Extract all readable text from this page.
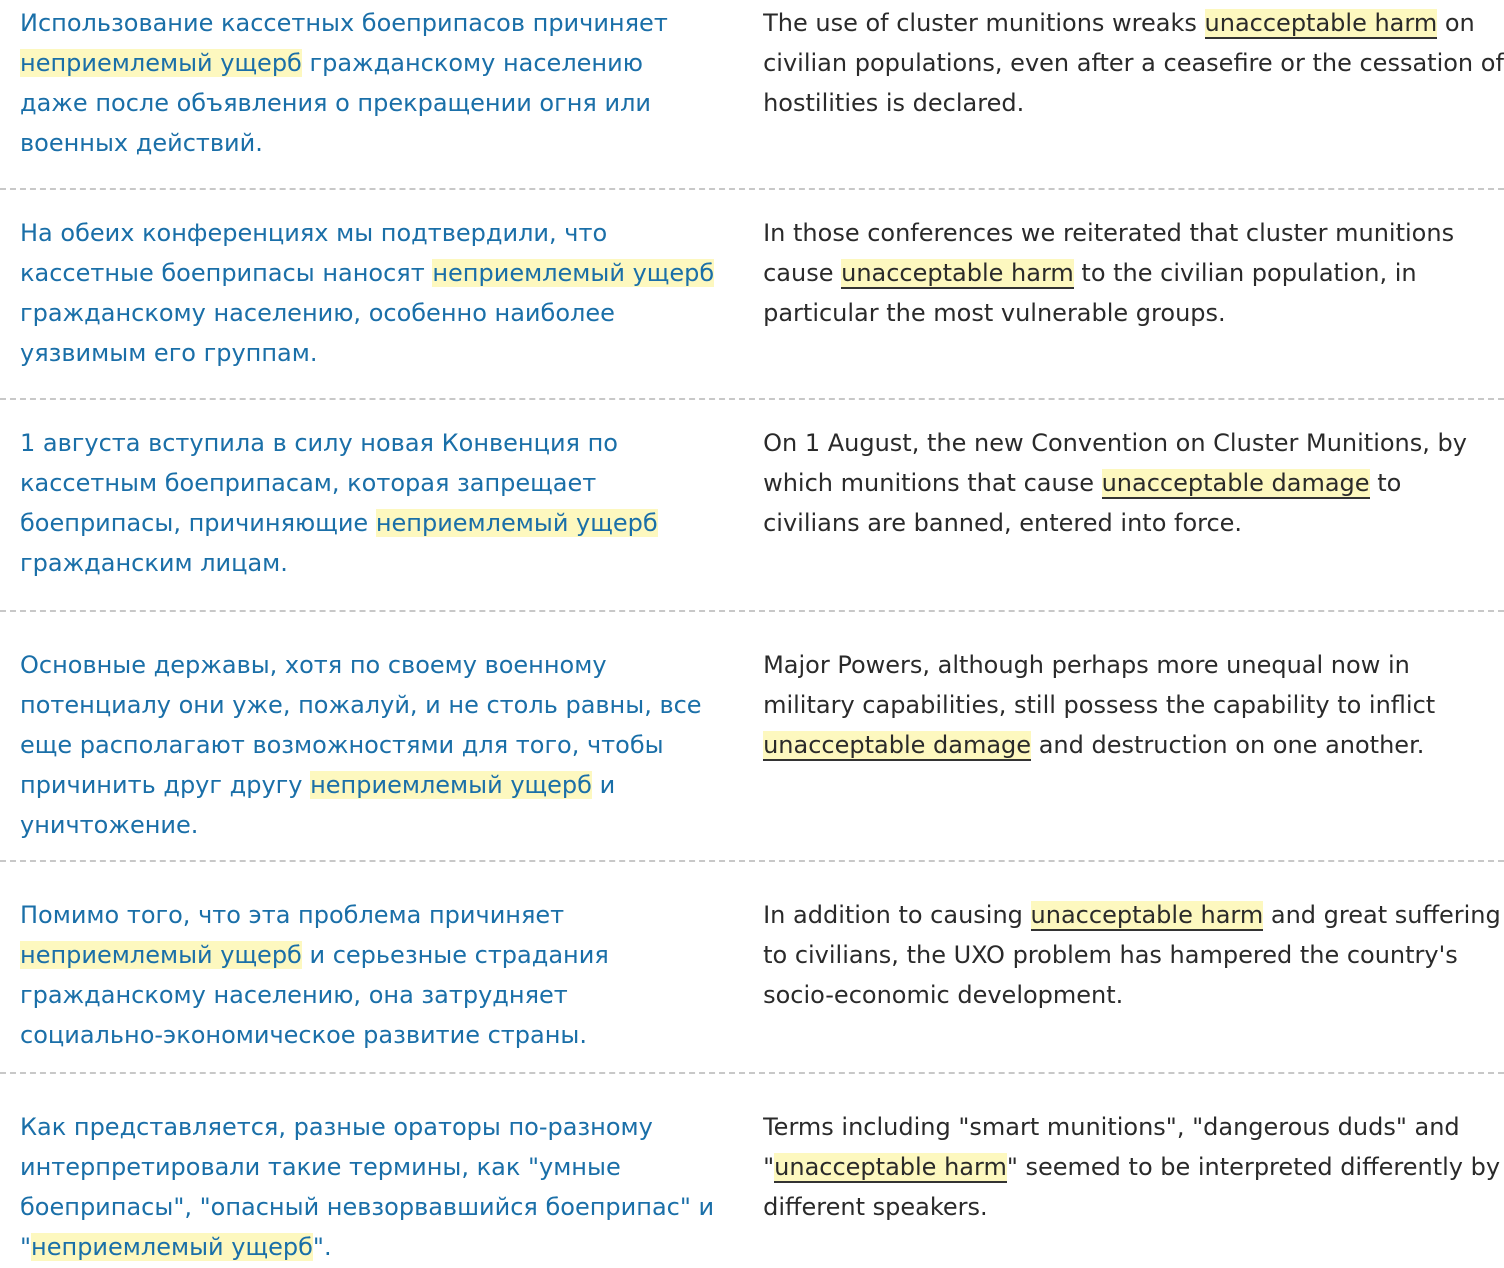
Использование кассетных боеприпасов причиняет неприемлемый ущерб гражданскому населению даже после объявления о прекращении огня или военных действий.
The use of cluster munitions wreaks unacceptable harm on civilian populations, even after a ceasefire or the cessation of hostilities is declared.
На обеих конференциях мы подтвердили, что кассетные боеприпасы наносят неприемлемый ущерб гражданскому населению, особенно наиболее уязвимым его группам.
In those conferences we reiterated that cluster munitions cause unacceptable harm to the civilian population, in particular the most vulnerable groups.
1 августа вступила в силу новая Конвенция по кассетным боеприпасам, которая запрещает боеприпасы, причиняющие неприемлемый ущерб гражданским лицам.
On 1 August, the new Convention on Cluster Munitions, by which munitions that cause unacceptable damage to civilians are banned, entered into force.
Основные державы, хотя по своему военному потенциалу они уже, пожалуй, и не столь равны, все еще располагают возможностями для того, чтобы причинить друг другу неприемлемый ущерб и уничтожение.
Major Powers, although perhaps more unequal now in military capabilities, still possess the capability to inflict unacceptable damage and destruction on one another.
Помимо того, что эта проблема причиняет неприемлемый ущерб и серьезные страдания гражданскому населению, она затрудняет социально-экономическое развитие страны.
In addition to causing unacceptable harm and great suffering to civilians, the UXO problem has hampered the country's socio-economic development.
Как представляется, разные ораторы по-разному интерпретировали такие термины, как "умные боеприпасы", "опасный невзорвавшийся боеприпас" и "неприемлемый ущерб".
Terms including "smart munitions", "dangerous duds" and "unacceptable harm" seemed to be interpreted differently by different speakers.
